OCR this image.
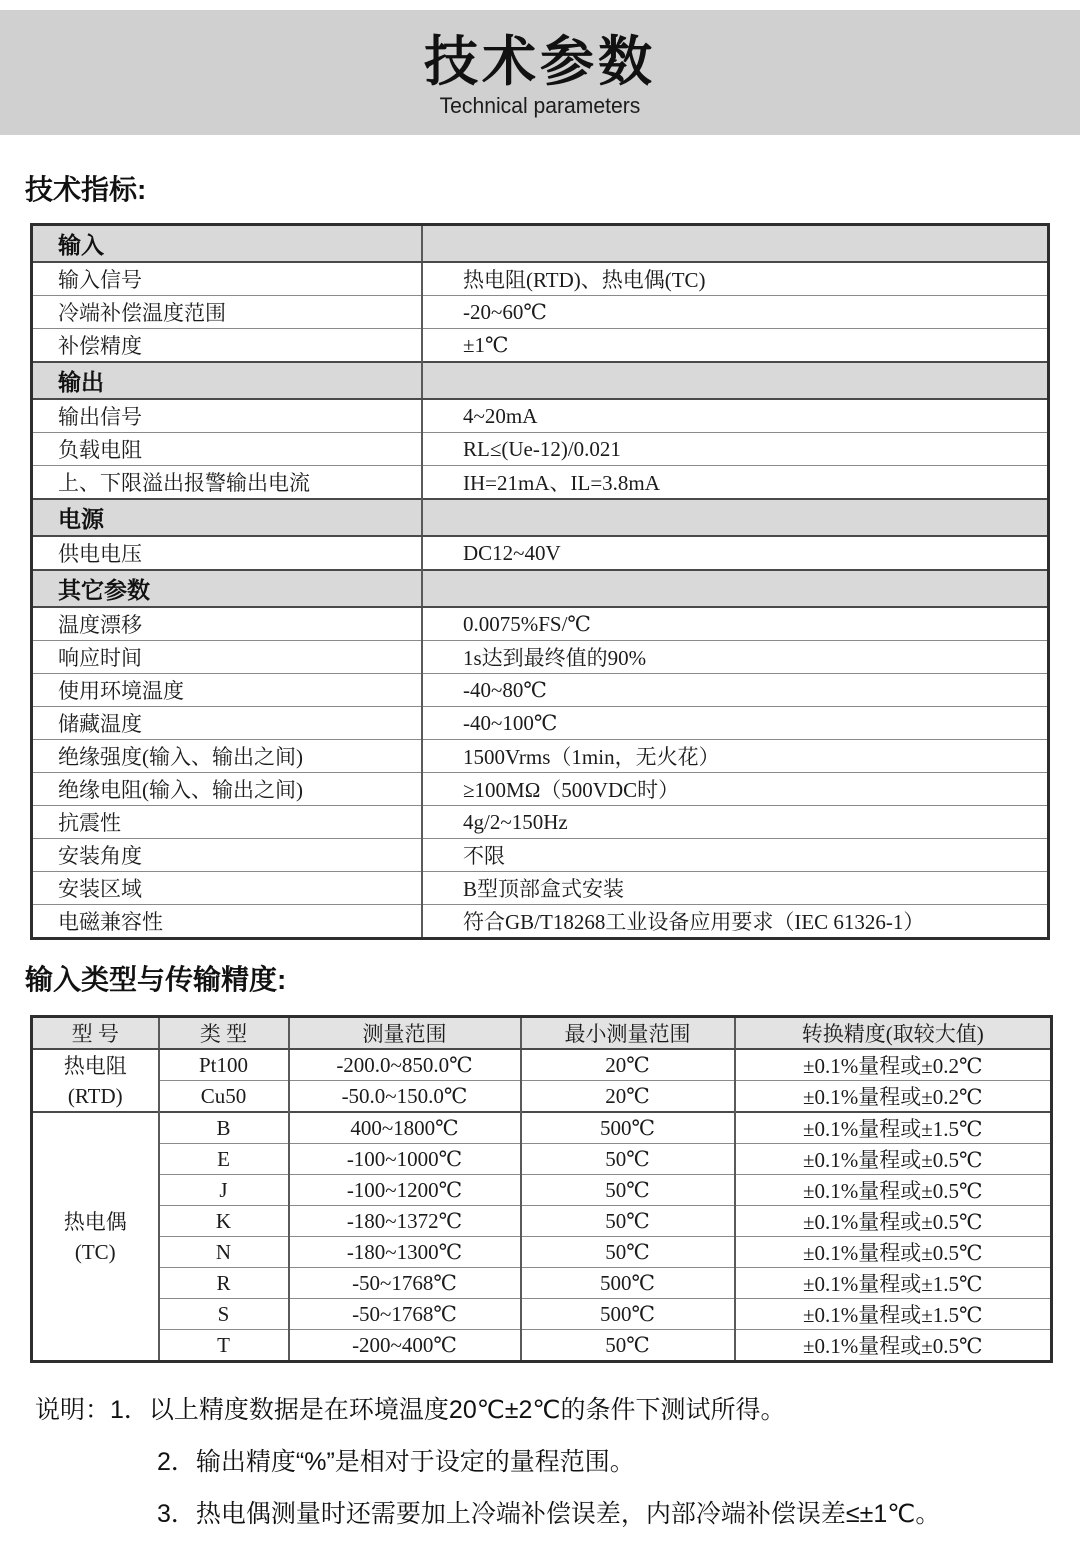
技术参数
Technical parameters
技术指标:
输入	
输入信号	热电阻(RTD)、热电偶(TC)
冷端补偿温度范围	-20~60℃
补偿精度	±1℃
输出	
输出信号	4~20mA
负载电阻	RL≤(Ue-12)/0.021
上、下限溢出报警输出电流	IH=21mA、IL=3.8mA
电源	
供电电压	DC12~40V
其它参数	
温度漂移	0.0075%FS/℃
响应时间	1s达到最终值的90%
使用环境温度	-40~80℃
储藏温度	-40~100℃
绝缘强度(输入、输出之间)	1500Vrms（1min，无火花）
绝缘电阻(输入、输出之间)	≥100MΩ（500VDC时）
抗震性	4g/2~150Hz
安装角度	不限
安装区域	B型顶部盒式安装
电磁兼容性	符合GB/T18268工业设备应用要求（IEC 61326-1）
输入类型与传输精度:
型 号	类 型	测量范围	最小测量范围	转换精度(取较大值)

热电阻
(RTD)	Pt100	-200.0~850.0℃	20℃	±0.1%量程或±0.2℃
	Cu50	-50.0~150.0℃	20℃	±0.1%量程或±0.2℃

热电偶
(TC)	B	400~1800℃	500℃	±0.1%量程或±1.5℃
	E	-100~1000℃	50℃	±0.1%量程或±0.5℃
	J	-100~1200℃	50℃	±0.1%量程或±0.5℃
	K	-180~1372℃	50℃	±0.1%量程或±0.5℃
	N	-180~1300℃	50℃	±0.1%量程或±0.5℃
	R	-50~1768℃	500℃	±0.1%量程或±1.5℃
	S	-50~1768℃	500℃	±0.1%量程或±1.5℃
	T	-200~400℃	50℃	±0.1%量程或±0.5℃
说明：1．以上精度数据是在环境温度20℃±2℃的条件下测试所得。
2．输出精度“%”是相对于设定的量程范围。
3．热电偶测量时还需要加上冷端补偿误差，内部冷端补偿误差≤±1℃。
